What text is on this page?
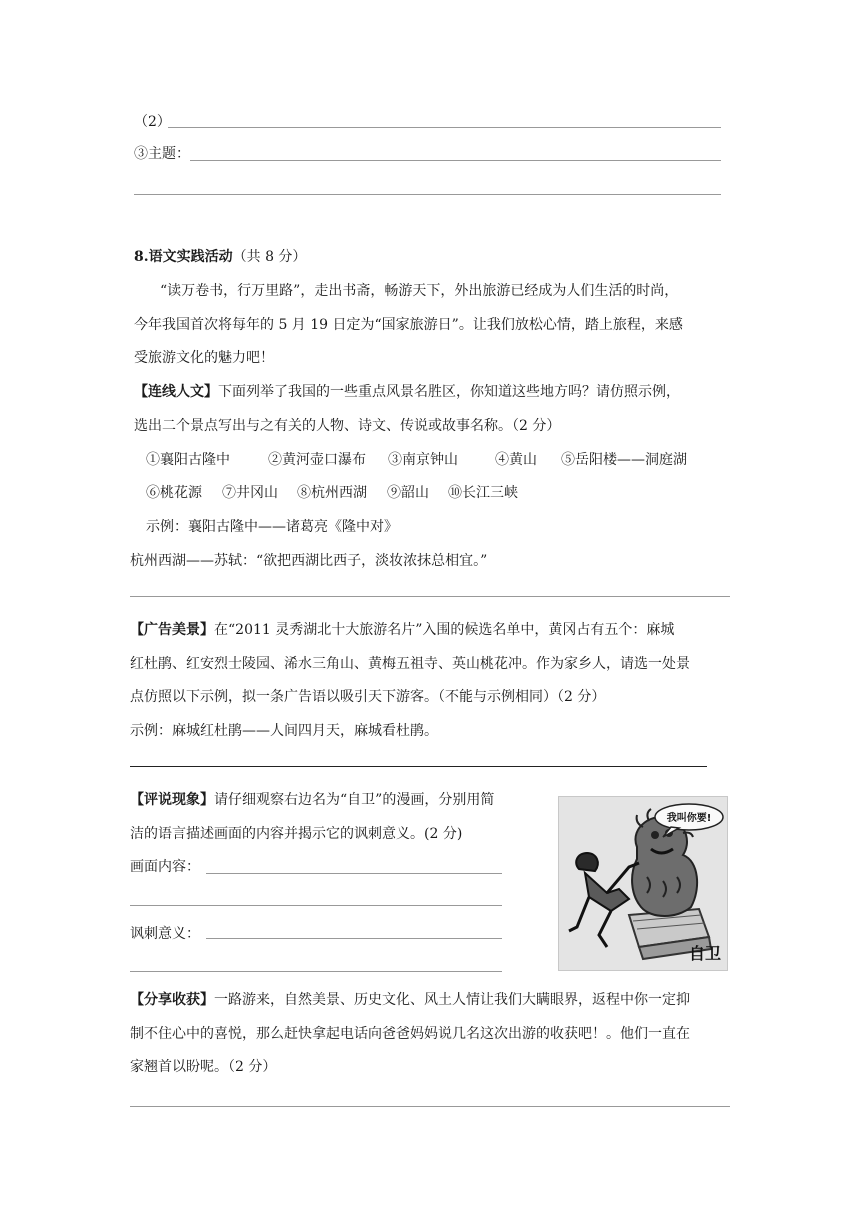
（2）
③主题：
8.语文实践活动（共 8 分）
“读万卷书，行万里路”，走出书斋，畅游天下，外出旅游已经成为人们生活的时尚，
今年我国首次将每年的 5 月 19 日定为“国家旅游日”。让我们放松心情，踏上旅程，来感
受旅游文化的魅力吧！
【连线人文】下面列举了我国的一些重点风景名胜区，你知道这些地方吗？请仿照示例，
选出二个景点写出与之有关的人物、诗文、传说或故事名称。（2 分）
①襄阳古隆中	②黄河壶口瀑布 ③南京钟山	④黄山 ⑤岳阳楼——洞庭湖
⑥桃花源 ⑦井冈山 ⑧杭州西湖 ⑨韶山 ⑩长江三峡
示例：襄阳古隆中——诸葛亮《隆中对》
杭州西湖——苏轼：“欲把西湖比西子，淡妆浓抹总相宜。”
【广告美景】在“2011 灵秀湖北十大旅游名片”入围的候选名单中，黄冈占有五个：麻城
红杜鹃、红安烈士陵园、浠水三角山、黄梅五祖寺、英山桃花冲。作为家乡人，请选一处景
点仿照以下示例，拟一条广告语以吸引天下游客。（不能与示例相同）（2 分）
示例：麻城红杜鹃——人间四月天，麻城看杜鹃。
【评说现象】请仔细观察右边名为“自卫”的漫画，分别用简
洁的语言描述画面的内容并揭示它的讽刺意义。(2 分)
画面内容：
讽刺意义：
我叫你要!
自卫
【分享收获】一路游来，自然美景、历史文化、风土人情让我们大瞒眼界，返程中你一定抑
制不住心中的喜悦，那么赶快拿起电话向爸爸妈妈说几名这次出游的收获吧！。他们一直在
家翘首以盼呢。（2 分）
